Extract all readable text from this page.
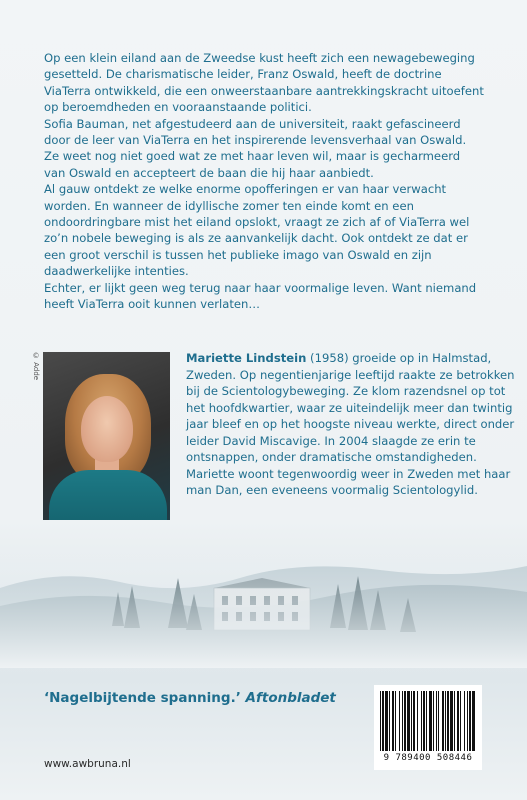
Op een klein eiland aan de Zweedse kust heeft zich een newagebeweging gesetteld. De charismatische leider, Franz Oswald, heeft de doctrine ViaTerra ontwikkeld, die een onweerstaanbare aantrekkingskracht uitoefent op beroemdheden en vooraanstaande politici.

Sofia Bauman, net afgestudeerd aan de universiteit, raakt gefascineerd door de leer van ViaTerra en het inspirerende levensverhaal van Oswald. Ze weet nog niet goed wat ze met haar leven wil, maar is gecharmeerd van Oswald en accepteert de baan die hij haar aanbiedt.

Al gauw ontdekt ze welke enorme opofferingen er van haar verwacht worden. En wanneer de idyllische zomer ten einde komt en een ondoordringbare mist het eiland opslokt, vraagt ze zich af of ViaTerra wel zo’n nobele beweging is als ze aanvankelijk dacht. Ook ontdekt ze dat er een groot verschil is tussen het publieke imago van Oswald en zijn daadwerkelijke intenties.

Echter, er lijkt geen weg terug naar haar voormalige leven. Want niemand heeft ViaTerra ooit kunnen verlaten…

© Adde	Mariette Lindstein (1958) groeide op in Halmstad, Zweden. Op negentienjarige leeftijd raakte ze betrokken bij de Scientologybeweging. Ze klom razendsnel op tot het hoofdkwartier, waar ze uiteindelijk meer dan twintig jaar bleef en op het hoogste niveau werkte, direct onder leider David Miscavige. In 2004 slaagde ze erin te ontsnappen, onder dramatische omstandigheden. Mariette woont tegenwoordig weer in Zweden met haar man Dan, een eveneens voormalig Scientologylid.
‘Nagelbijtende spanning.’ Aftonbladet
9 789400 508446
www.awbruna.nl
